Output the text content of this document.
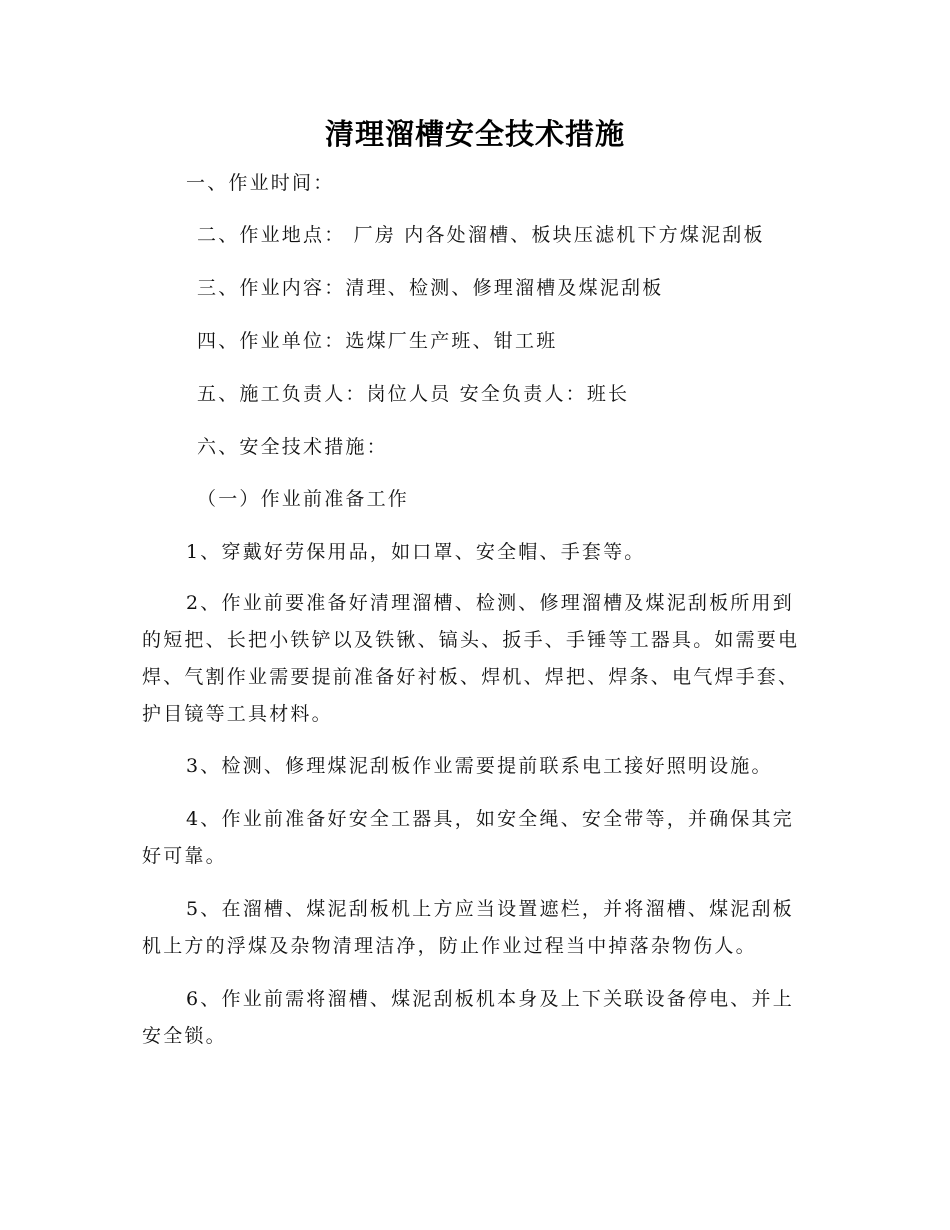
清理溜槽安全技术措施
一、作业时间：
二、作业地点： 厂房 内各处溜槽、板块压滤机下方煤泥刮板
三、作业内容：清理、检测、修理溜槽及煤泥刮板
四、作业单位：选煤厂生产班、钳工班
五、施工负责人：岗位人员 安全负责人：班长
六、安全技术措施：
（一）作业前准备工作
1、穿戴好劳保用品，如口罩、安全帽、手套等。
2、作业前要准备好清理溜槽、检测、修理溜槽及煤泥刮板所用到的短把、长把小铁铲以及铁锹、镐头、扳手、手锤等工器具。如需要电焊、气割作业需要提前准备好衬板、焊机、焊把、焊条、电气焊手套、护目镜等工具材料。
3、检测、修理煤泥刮板作业需要提前联系电工接好照明设施。
4、作业前准备好安全工器具，如安全绳、安全带等，并确保其完好可靠。
5、在溜槽、煤泥刮板机上方应当设置遮栏，并将溜槽、煤泥刮板机上方的浮煤及杂物清理洁净，防止作业过程当中掉落杂物伤人。
6、作业前需将溜槽、煤泥刮板机本身及上下关联设备停电、并上安全锁。
